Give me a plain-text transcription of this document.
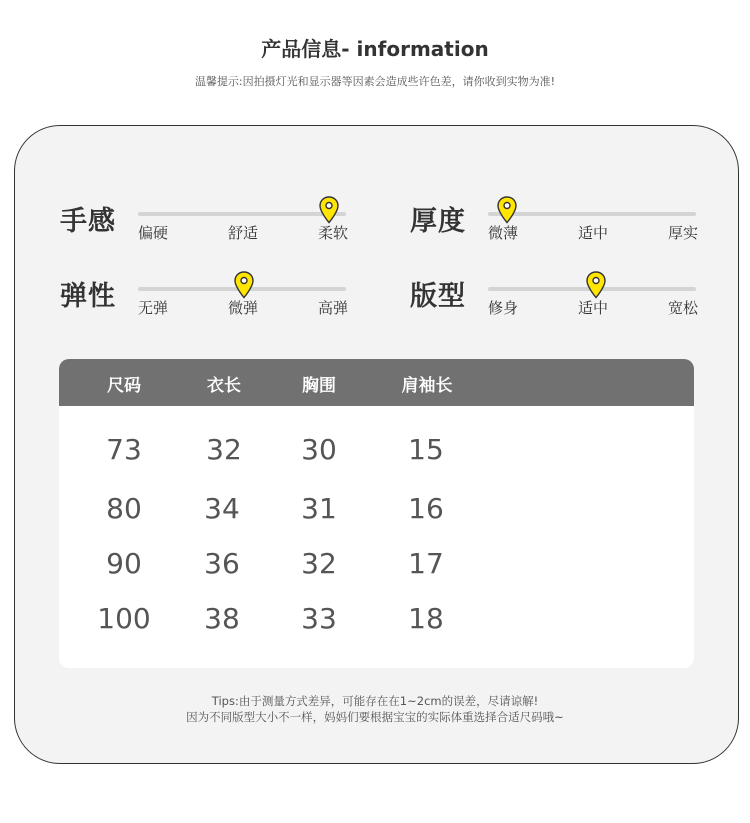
产品信息- information
温馨提示:因拍摄灯光和显示器等因素会造成些许色差，请你收到实物为准!
手感 偏硬	舒适	柔软 厚度 微薄	适中	厚实
弹性 无弹	微弹	高弹 版型 修身	适中	宽松
尺码	衣长	胸围	肩袖长
73 32 30	15
80 34 31	16
90 36 32	17
100 38 33	18
Tips:由于测量方式差异，可能存在在1~2cm的误差，尽请谅解!
因为不同版型大小不一样，妈妈们要根据宝宝的实际体重选择合适尺码哦~
